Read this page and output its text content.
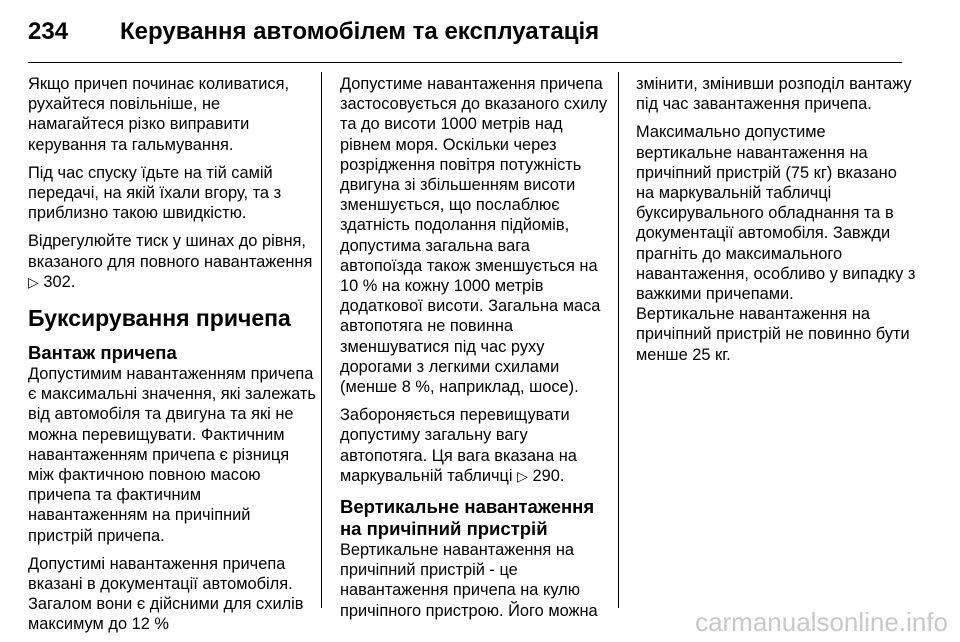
234	Керування автомобілем та експлуатація

Якщо причеп починає коливатися, рухайтеся повільніше, не намагайтеся різко виправити керування та гальмування.

Під час спуску їдьте на тій самій передачі, на якій їхали вгору, та з приблизно такою швидкістю.

Відрегулюйте тиск у шинах до рівня, вказаного для повного навантаження ▷ 302.

Буксирування причепа
Вантаж причепа

Допустимим навантаженням причепа є максимальні значення, які залежать від автомобіля та двигуна та які не можна перевищувати. Фактичним навантаженням причепа є різниця між фактичною повною масою причепа та фактичним навантаженням на причіпний пристрій причепа.

Допустимі навантаження причепа вказані в документації автомобіля. Загалом вони є дійсними для схилів максимум до 12 %

Допустиме навантаження причепа застосовується до вказаного схилу та до висоти 1000 метрів над рівнем моря. Оскільки через розрідження повітря потужність двигуна зі збільшенням висоти зменшується, що послаблює здатність подолання підйомів, допустима загальна вага автопоїзда також зменшується на 10 % на кожну 1000 метрів додаткової висоти. Загальна маса автопотяга не повинна зменшуватися під час руху дорогами з легкими схилами (менше 8 %, наприклад, шосе).

Забороняється перевищувати допустиму загальну вагу автопотяга. Ця вага вказана на маркувальній табличці ▷ 290.

Вертикальне навантаження на причіпний пристрій

Вертикальне навантаження на причіпний пристрій - це навантаження причепа на кулю причіпного пристрою. Його можна

змінити, змінивши розподіл вантажу під час завантаження причепа.

Максимально допустиме вертикальне навантаження на причіпний пристрій (75 кг) вказано на маркувальній табличці буксирувального обладнання та в документації автомобіля. Завжди прагніть до максимального навантаження, особливо у випадку з важкими причепами.

Вертикальне навантаження на причіпний пристрій не повинно бути менше 25 кг.

carmanualsonline.info
